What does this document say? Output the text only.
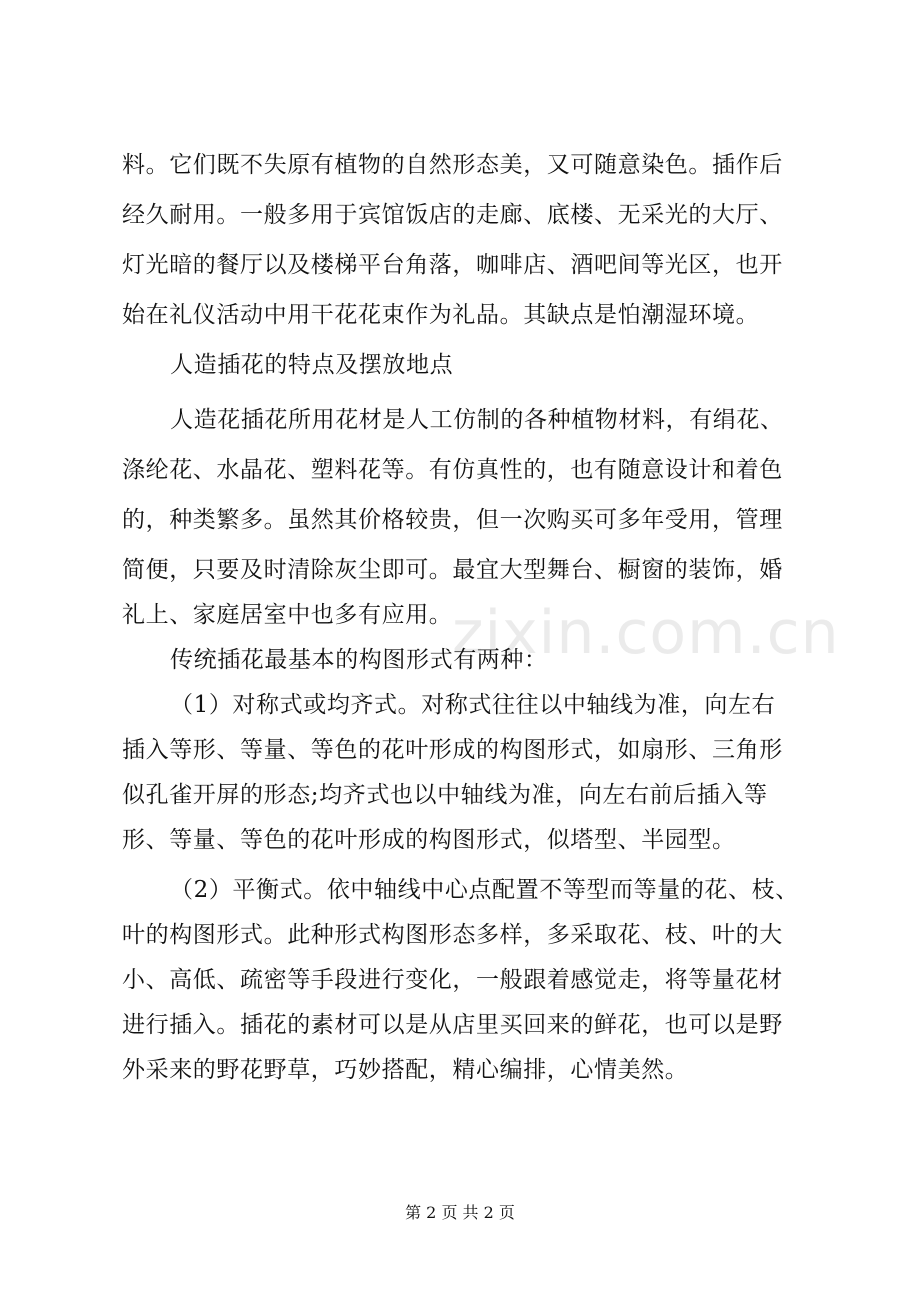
zixin.com.cn
料。它们既不失原有植物的自然形态美，又可随意染色。插作后
经久耐用。一般多用于宾馆饭店的走廊、底楼、无采光的大厅、
灯光暗的餐厅以及楼梯平台角落，咖啡店、酒吧间等光区，也开
始在礼仪活动中用干花花束作为礼品。其缺点是怕潮湿环境。
人造插花的特点及摆放地点
人造花插花所用花材是人工仿制的各种植物材料，有绢花、
涤纶花、水晶花、塑料花等。有仿真性的，也有随意设计和着色
的，种类繁多。虽然其价格较贵，但一次购买可多年受用，管理
简便，只要及时清除灰尘即可。最宜大型舞台、橱窗的装饰，婚
礼上、家庭居室中也多有应用。
传统插花最基本的构图形式有两种：
（1）对称式或均齐式。对称式往往以中轴线为准，向左右
插入等形、等量、等色的花叶形成的构图形式，如扇形、三角形
似孔雀开屏的形态;均齐式也以中轴线为准，向左右前后插入等
形、等量、等色的花叶形成的构图形式，似塔型、半园型。
（2）平衡式。依中轴线中心点配置不等型而等量的花、枝、
叶的构图形式。此种形式构图形态多样，多采取花、枝、叶的大
小、高低、疏密等手段进行变化，一般跟着感觉走，将等量花材
进行插入。插花的素材可以是从店里买回来的鲜花，也可以是野
外采来的野花野草，巧妙搭配，精心编排，心情美然。
第 2 页 共 2 页
